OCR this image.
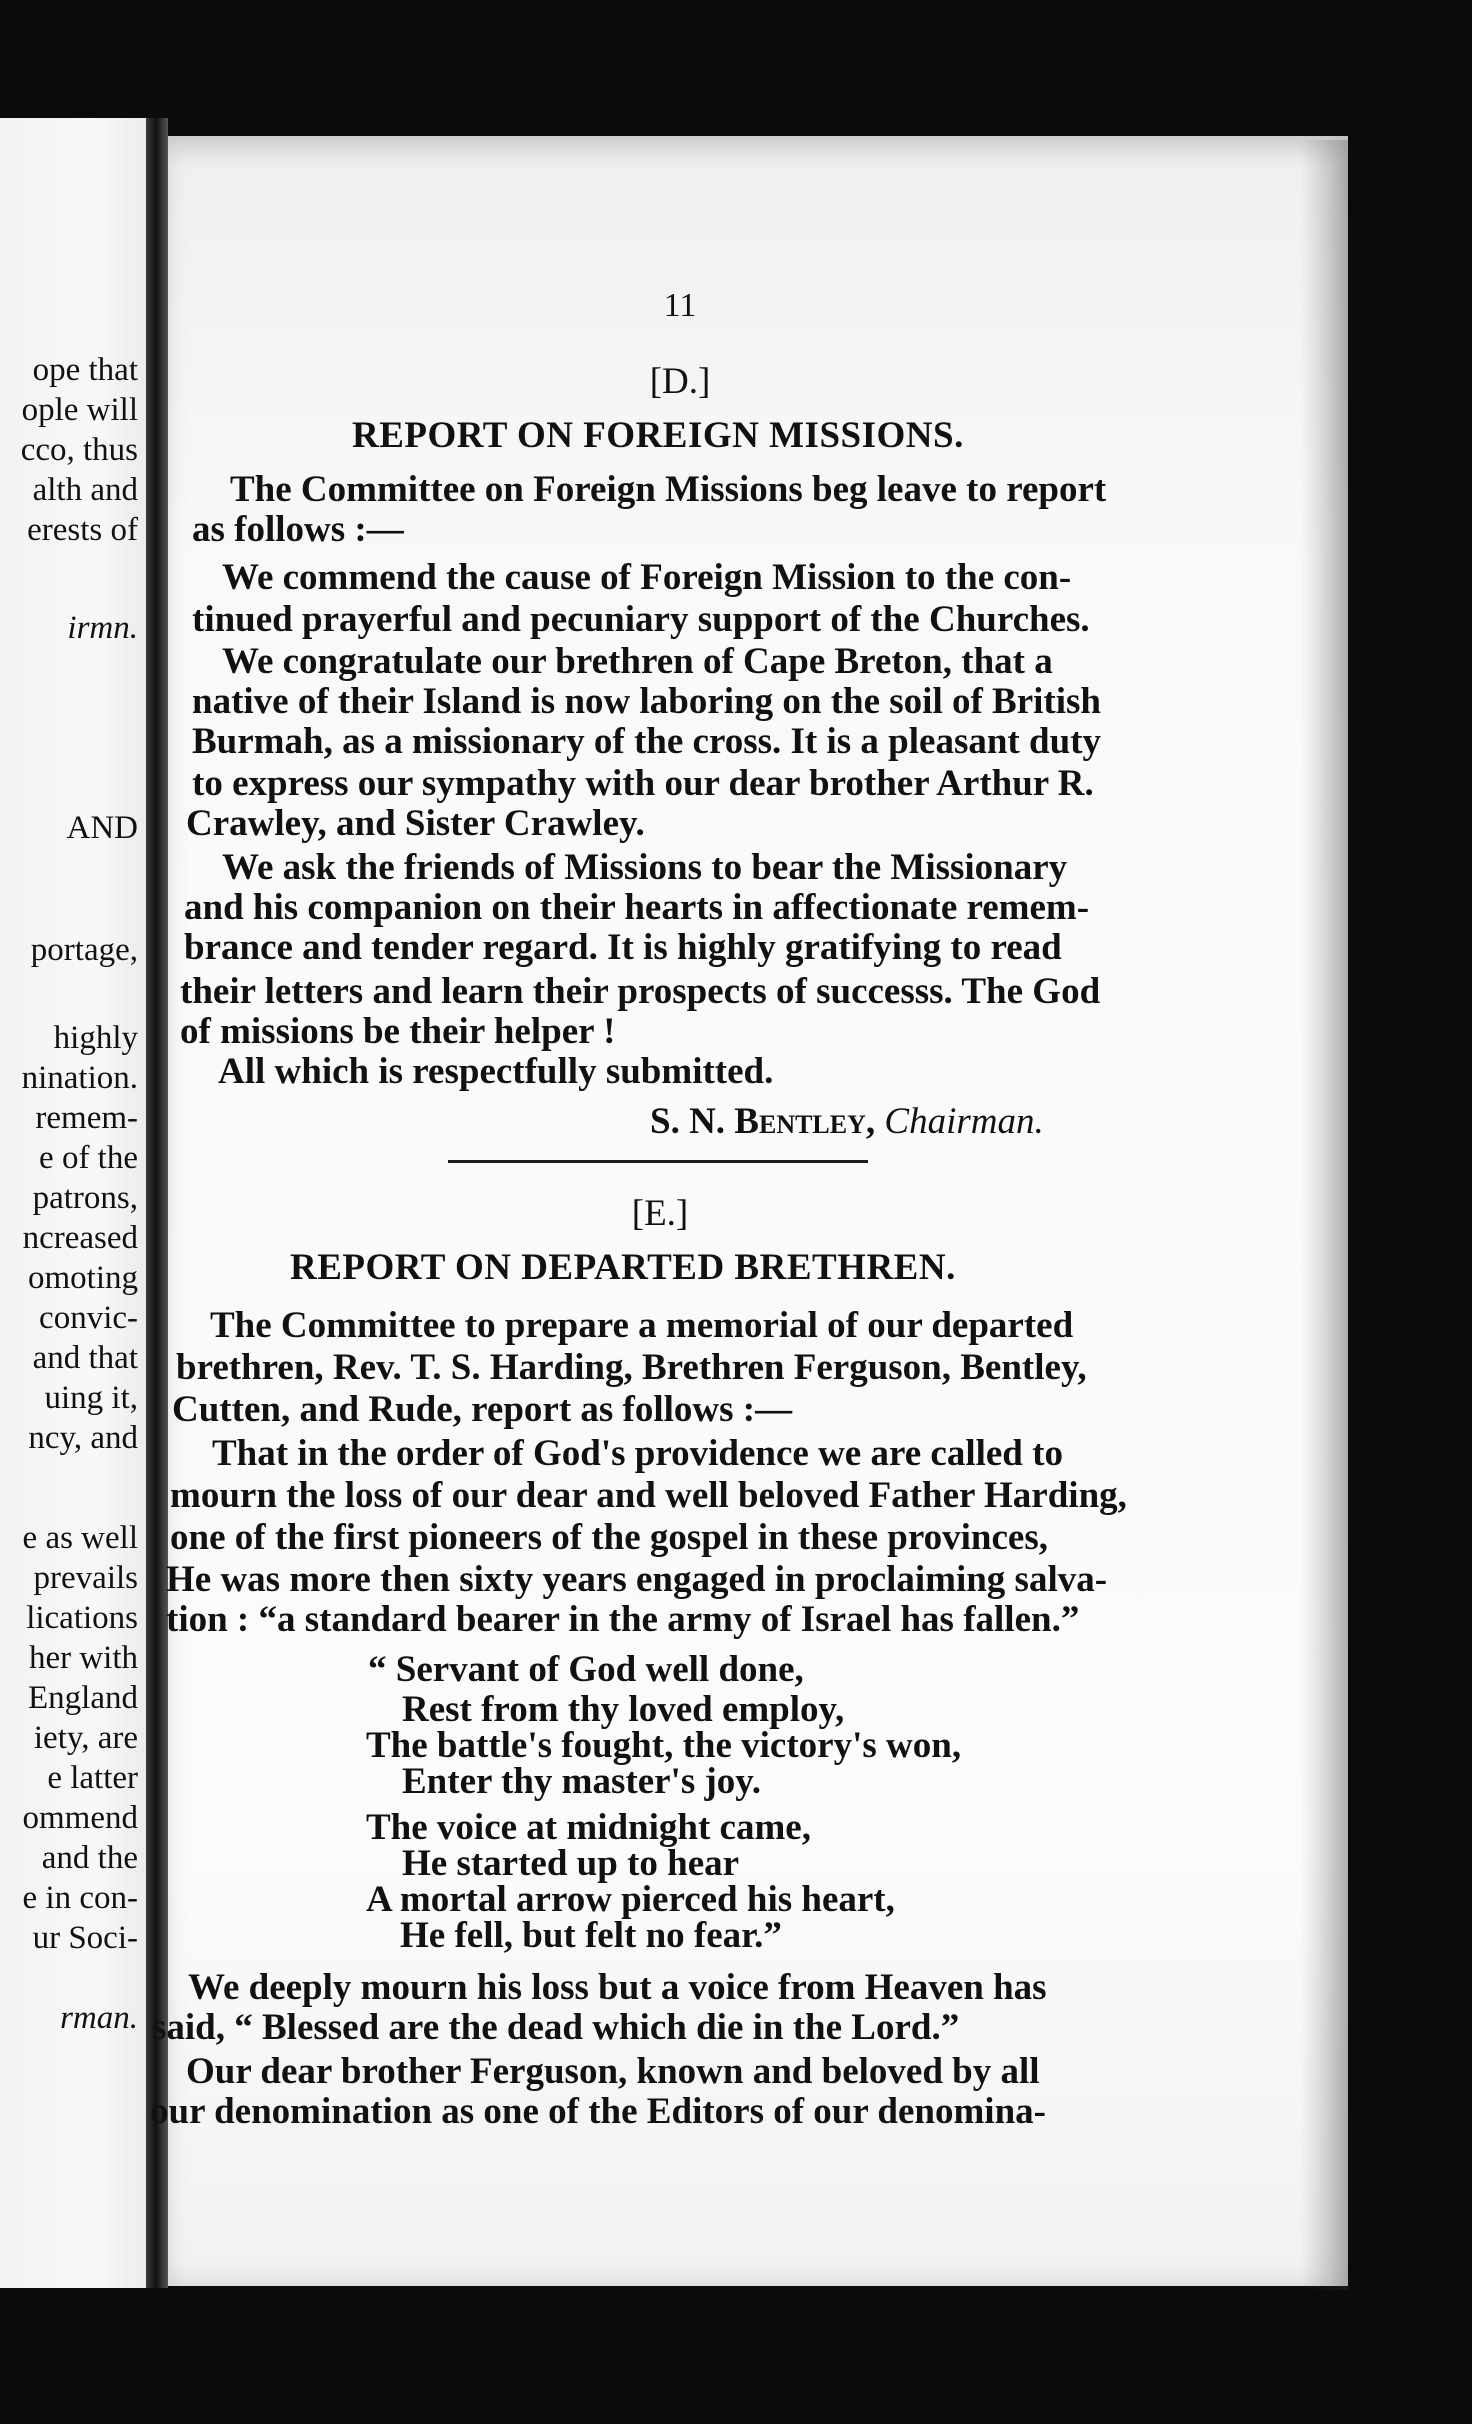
ope that

ople will

cco, thus

alth and

erests of

irmn.

AND

portage,

highly

nination.

remem-

e of the

patrons,

ncreased

omoting

convic-

and that

uing it,

ncy, and

e as well

prevails

lications

her with

England

iety, are

e latter

ommend

and the

e in con-

ur Soci-

rman.

11

[D.]

REPORT ON FOREIGN MISSIONS.

The Committee on Foreign Missions beg leave to report

as follows :—

We commend the cause of Foreign Mission to the con-

tinued prayerful and pecuniary support of the Churches.

We congratulate our brethren of Cape Breton, that a

native of their Island is now laboring on the soil of British

Burmah, as a missionary of the cross. It is a pleasant duty

to express our sympathy with our dear brother Arthur R.

Crawley, and Sister Crawley.

We ask the friends of Missions to bear the Missionary

and his companion on their hearts in affectionate remem-

brance and tender regard. It is highly gratifying to read

their letters and learn their prospects of successs. The God

of missions be their helper !

All which is respectfully submitted.

S. N. Bentley, Chairman.

[E.]

REPORT ON DEPARTED BRETHREN.

The Committee to prepare a memorial of our departed

brethren, Rev. T. S. Harding, Brethren Ferguson, Bentley,

Cutten, and Rude, report as follows :—

That in the order of God's providence we are called to

mourn the loss of our dear and well beloved Father Harding,

one of the first pioneers of the gospel in these provinces,

He was more then sixty years engaged in proclaiming salva-

tion : “a standard bearer in the army of Israel has fallen.”

“ Servant of God well done,

Rest from thy loved employ,

The battle's fought, the victory's won,

Enter thy master's joy.

The voice at midnight came,

He started up to hear

A mortal arrow pierced his heart,

He fell, but felt no fear.”

We deeply mourn his loss but a voice from Heaven has

said, “ Blessed are the dead which die in the Lord.”

Our dear brother Ferguson, known and beloved by all

our denomination as one of the Editors of our denomina-
